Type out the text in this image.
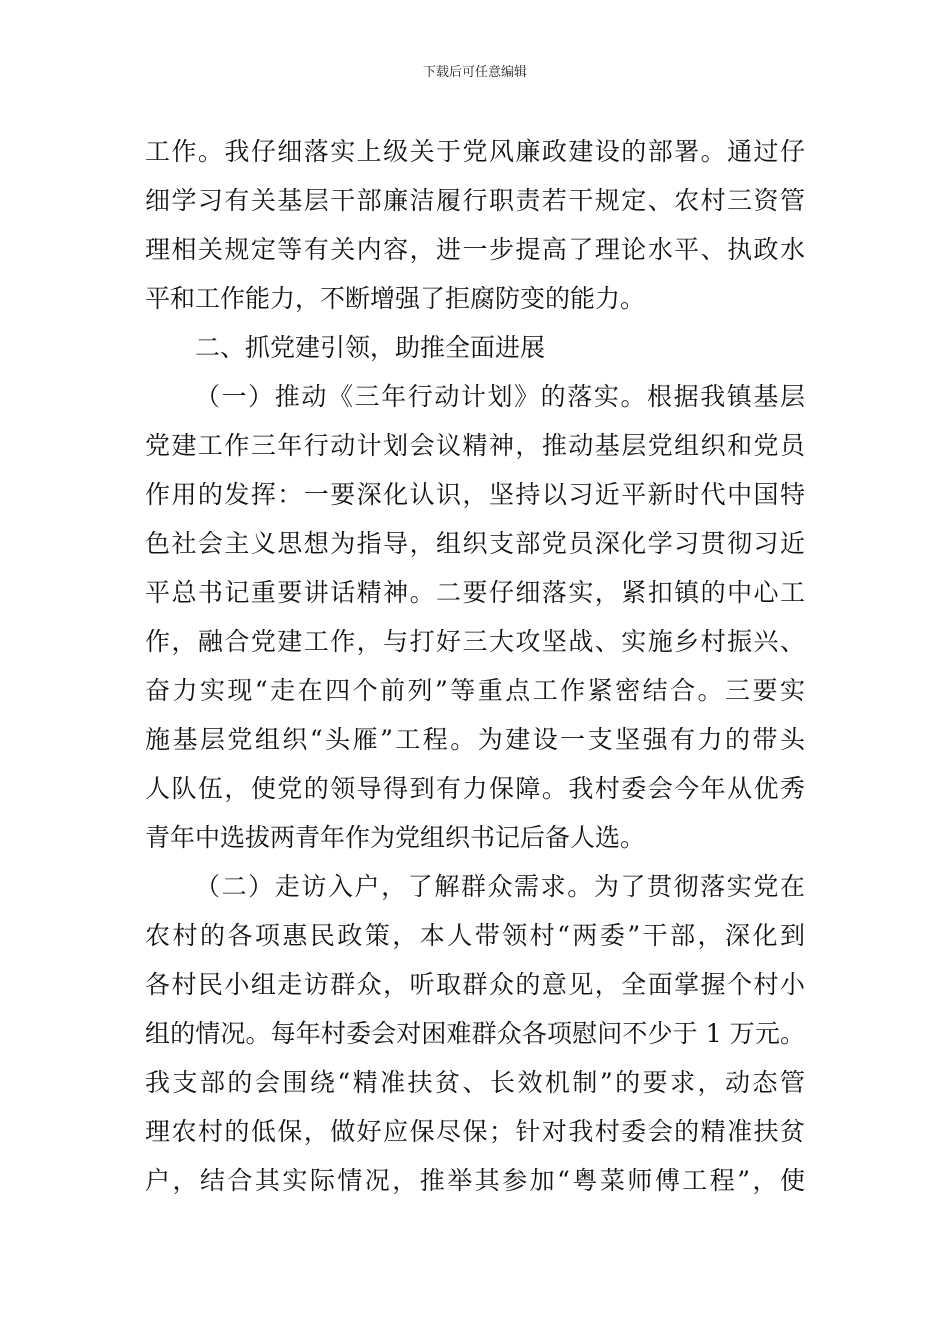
下载后可任意编辑
工作。我仔细落实上级关于党风廉政建设的部署。通过仔
细学习有关基层干部廉洁履行职责若干规定、农村三资管
理相关规定等有关内容，进一步提高了理论水平、执政水
平和工作能力，不断增强了拒腐防变的能力。
二、抓党建引领，助推全面进展
（一）推动《三年行动计划》的落实。根据我镇基层
党建工作三年行动计划会议精神，推动基层党组织和党员
作用的发挥：一要深化认识，坚持以习近平新时代中国特
色社会主义思想为指导，组织支部党员深化学习贯彻习近
平总书记重要讲话精神。二要仔细落实，紧扣镇的中心工
作，融合党建工作，与打好三大攻坚战、实施乡村振兴、
奋力实现“走在四个前列”等重点工作紧密结合。三要实
施基层党组织“头雁”工程。为建设一支坚强有力的带头
人队伍，使党的领导得到有力保障。我村委会今年从优秀
青年中选拔两青年作为党组织书记后备人选。
（二）走访入户，了解群众需求。为了贯彻落实党在
农村的各项惠民政策，本人带领村“两委”干部，深化到
各村民小组走访群众，听取群众的意见，全面掌握个村小
组的情况。每年村委会对困难群众各项慰问不少于 1 万元。
我支部的会围绕“精准扶贫、长效机制”的要求，动态管
理农村的低保，做好应保尽保；针对我村委会的精准扶贫
户，结合其实际情况，推举其参加“粤菜师傅工程”，使
